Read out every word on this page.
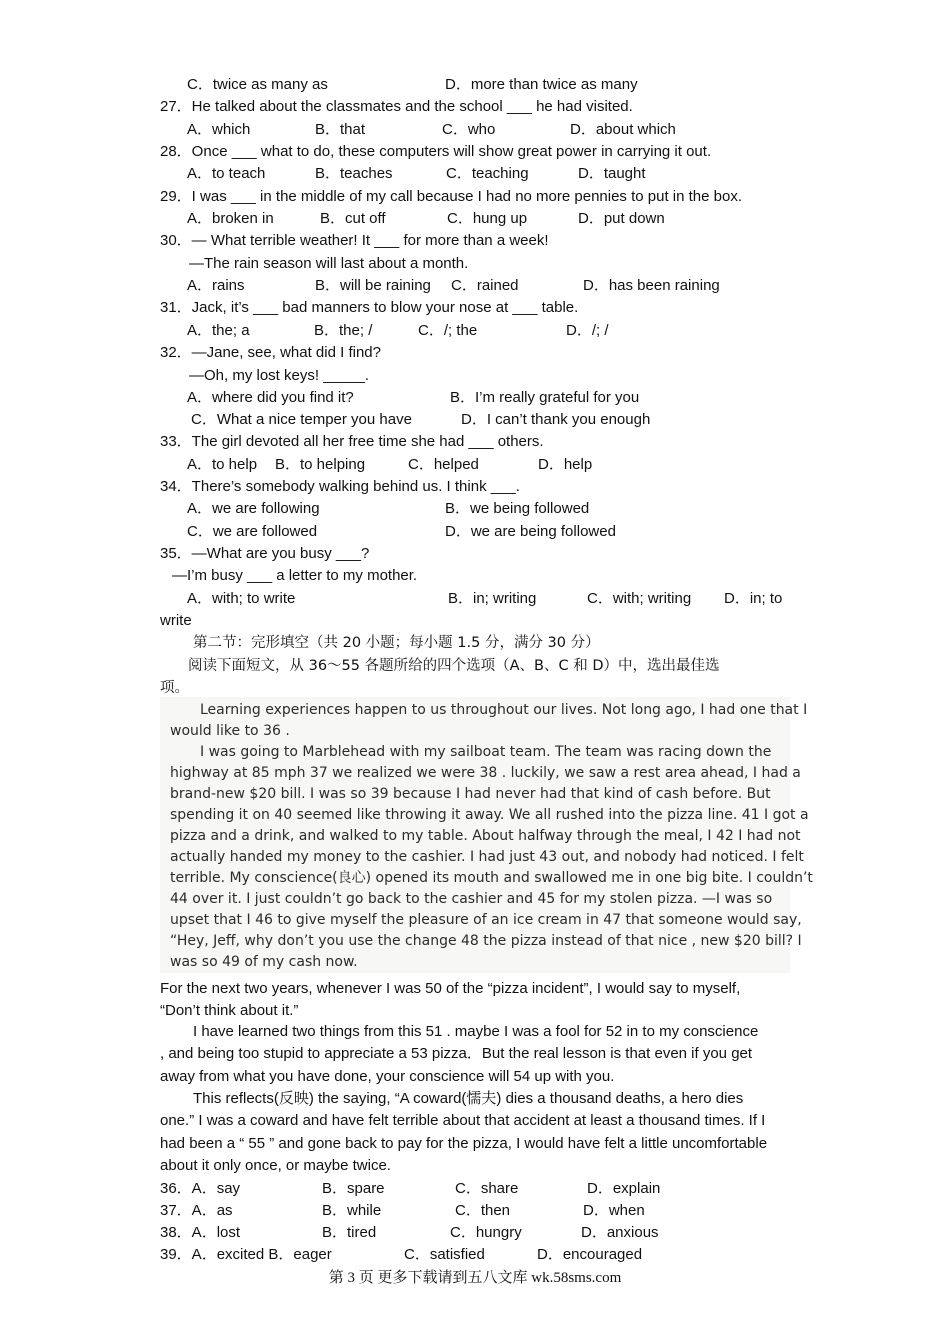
C．twice as many as	D．more than twice as many
27．He talked about the classmates and the school ___ he had visited.
A．which	B．that	C．who	D．about which
28．Once ___ what to do, these computers will show great power in carrying it out.
A．to teach	B．teaches	C．teaching	D．taught
29．I was ___ in the middle of my call because I had no more pennies to put in the box.
A．broken in	B．cut off	C．hung up	D．put down
30．— What terrible weather! It ___ for more than a week!
—The rain season will last about a month.
A．rains	B．will be raining C．rained	D．has been raining
31．Jack, it’s ___ bad manners to blow your nose at ___ table.
A．the; a	B．the; /	C．/; the	D．/; /
32．—Jane, see, what did I find?
—Oh, my lost keys! _____.
A．where did you find it?	B．I’m really grateful for you
C．What a nice temper you have	D．I can’t thank you enough
33．The girl devoted all her free time she had ___ others.
A．to help B．to helping	C．helped	D．help
34．There’s somebody walking behind us. I think ___.
A．we are following	B．we being followed
C．we are followed	D．we are being followed
35．—What are you busy ___?
—I’m busy ___ a letter to my mother.
A．with; to write	B．in; writing	C．with; writing D．in; to
write
第二节：完形填空（共 20 小题；每小题 1.5 分，满分 30 分）
阅读下面短文，从 36～55 各题所给的四个选项（A、B、C 和 D）中，选出最佳选
项。
Learning experiences happen to us throughout our lives. Not long ago, I had one that I
would like to 36 .
I was going to Marblehead with my sailboat team. The team was racing down the
highway at 85 mph 37 we realized we were 38 . luckily, we saw a rest area ahead, I had a
brand-new $20 bill. I was so 39 because I had never had that kind of cash before. But
spending it on 40 seemed like throwing it away. We all rushed into the pizza line. 41 I got a
pizza and a drink, and walked to my table. About halfway through the meal, I 42 I had not
actually handed my money to the cashier. I had just 43 out, and nobody had noticed. I felt
terrible. My conscience(良心) opened its mouth and swallowed me in one big bite. I couldn’t
44 over it. I just couldn’t go back to the cashier and 45 for my stolen pizza. —I was so
upset that I 46 to give myself the pleasure of an ice cream in 47 that someone would say,
“Hey, Jeff, why don’t you use the change 48 the pizza instead of that nice , new $20 bill? I
was so 49 of my cash now.
For the next two years, whenever I was 50 of the “pizza incident”, I would say to myself,
“Don’t think about it.”
I have learned two things from this 51 . maybe I was a fool for 52 in to my conscience
, and being too stupid to appreciate a 53 pizza．But the real lesson is that even if you get
away from what you have done, your conscience will 54 up with you.
This reflects(反映) the saying, “A coward(懦夫) dies a thousand deaths, a hero dies
one.” I was a coward and have felt terrible about that accident at least a thousand times. If I
had been a “ 55 ” and gone back to pay for the pizza, I would have felt a little uncomfortable
about it only once, or maybe twice.
36．A．say	B．spare	C．share	D．explain
37．A．as	B．while	C．then	D．when
38．A．lost	B．tired	C．hungry	D．anxious
39．A．excited B．eager	C．satisfied	D．encouraged
第 3 页 更多下载请到五八文库 wk.58sms.com
